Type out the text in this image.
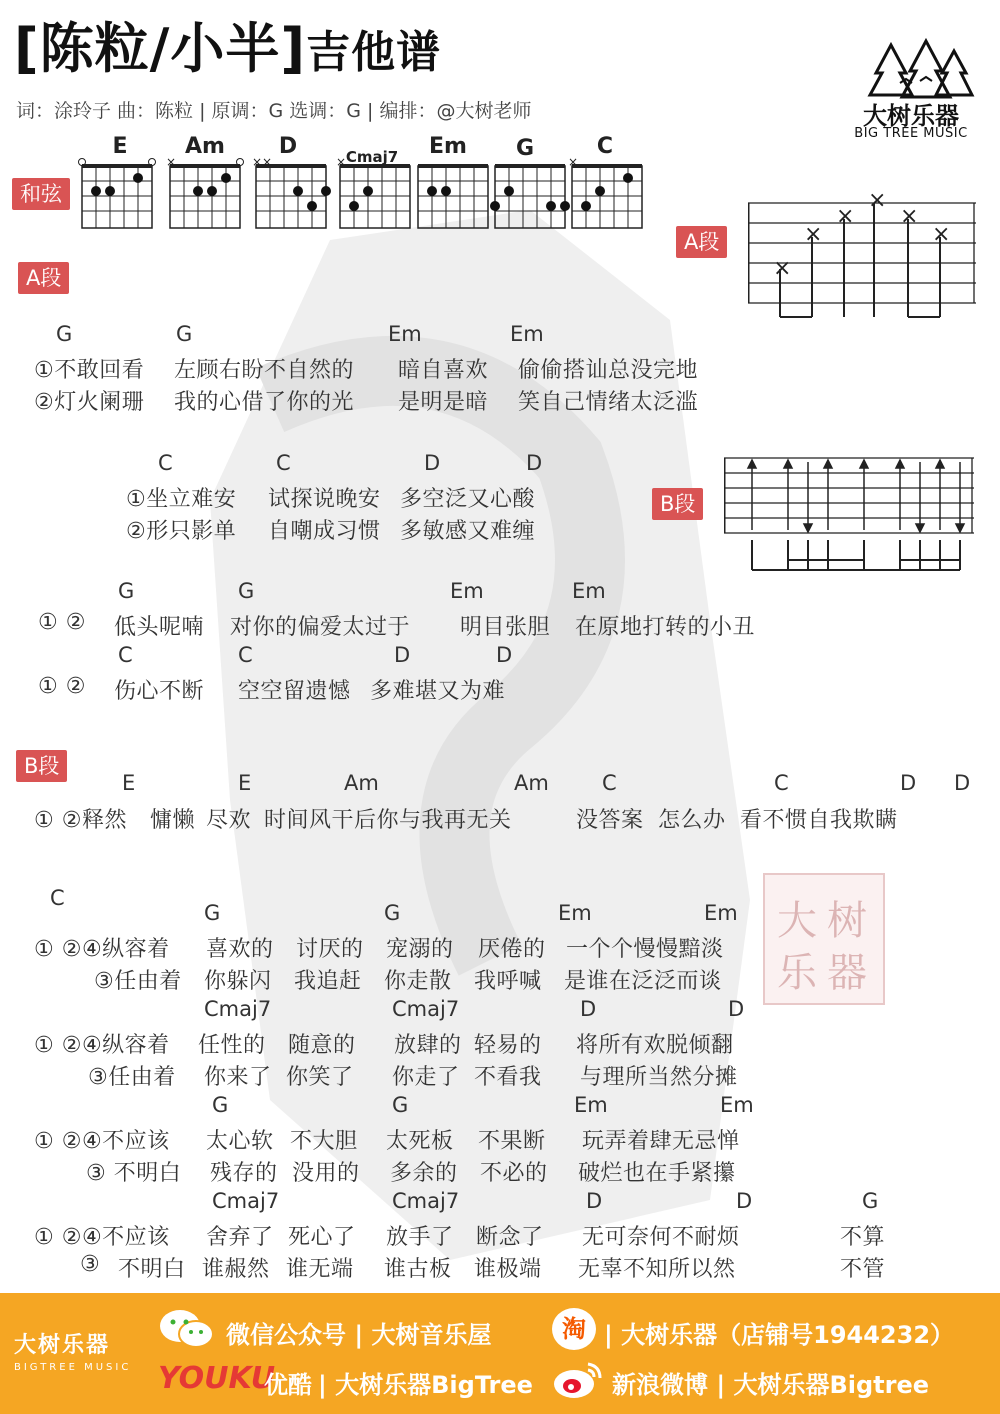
[陈粒/小半]吉他谱
词：涂玲子 曲：陈粒 | 原调：G 选调：G | 编排：@大树老师	大树乐器
BIG TREE MUSIC
和弦
E	Am	D	Cmaj7	Em	G	C
×	××	×	×
A段
×
×
×
×
×
×
A段
G	G	Em	Em
①不敢回看 左顾右盼不自然的 暗自喜欢 偷偷搭讪总没完地
②灯火阑珊 我的心借了你的光 是明是暗 笑自己情绪太泛滥
C	C	D	D
①坐立难安 试探说晚安 多空泛又心酸
②形只影单 自嘲成习惯 多敏感又难缠
B段
G	G	Em	Em
① ② 低头呢喃 对你的偏爱太过于 明目张胆 在原地打转的小丑
C	C	D	D
① ② 伤心不断 空空留遗憾 多难堪又为难
B段
E	E	Am	Am	C	C	D D
① ②释然 慵懒 尽欢 时间风干后你与我再无关	没答案 怎么办 看不惯自我欺瞒
C
G	G	Em	Em
① ②④纵容着 喜欢的 讨厌的 宠溺的 厌倦的 一个个慢慢黯淡
③任由着 你躲闪 我追赶 你走散 我呼喊 是谁在泛泛而谈
大 树
乐 器
Cmaj7	Cmaj7	D	D
① ②④纵容着 任性的 随意的 放肆的 轻易的 将所有欢脱倾翻
③任由着 你来了 你笑了 你走了 不看我 与理所当然分摊
G	G	Em	Em
① ②④不应该 太心软 不大胆 太死板 不果断 玩弄着肆无忌惮
③ 不明白 残存的 没用的 多余的 不必的 破烂也在手紧攥
Cmaj7	Cmaj7	D	D	G
① ②④不应该 舍弃了 死心了 放手了 断念了 无可奈何不耐烦	不算
③ 不明白 谁赧然 谁无端 谁古板 谁极端 无辜不知所以然	不管
大树乐器
BIGTREE MUSIC
微信公众号 | 大树音乐屋	淘 | 大树乐器（店铺号1944232）
YOUKU
优酷 | 大树乐器BigTree	新浪微博 | 大树乐器Bigtree
